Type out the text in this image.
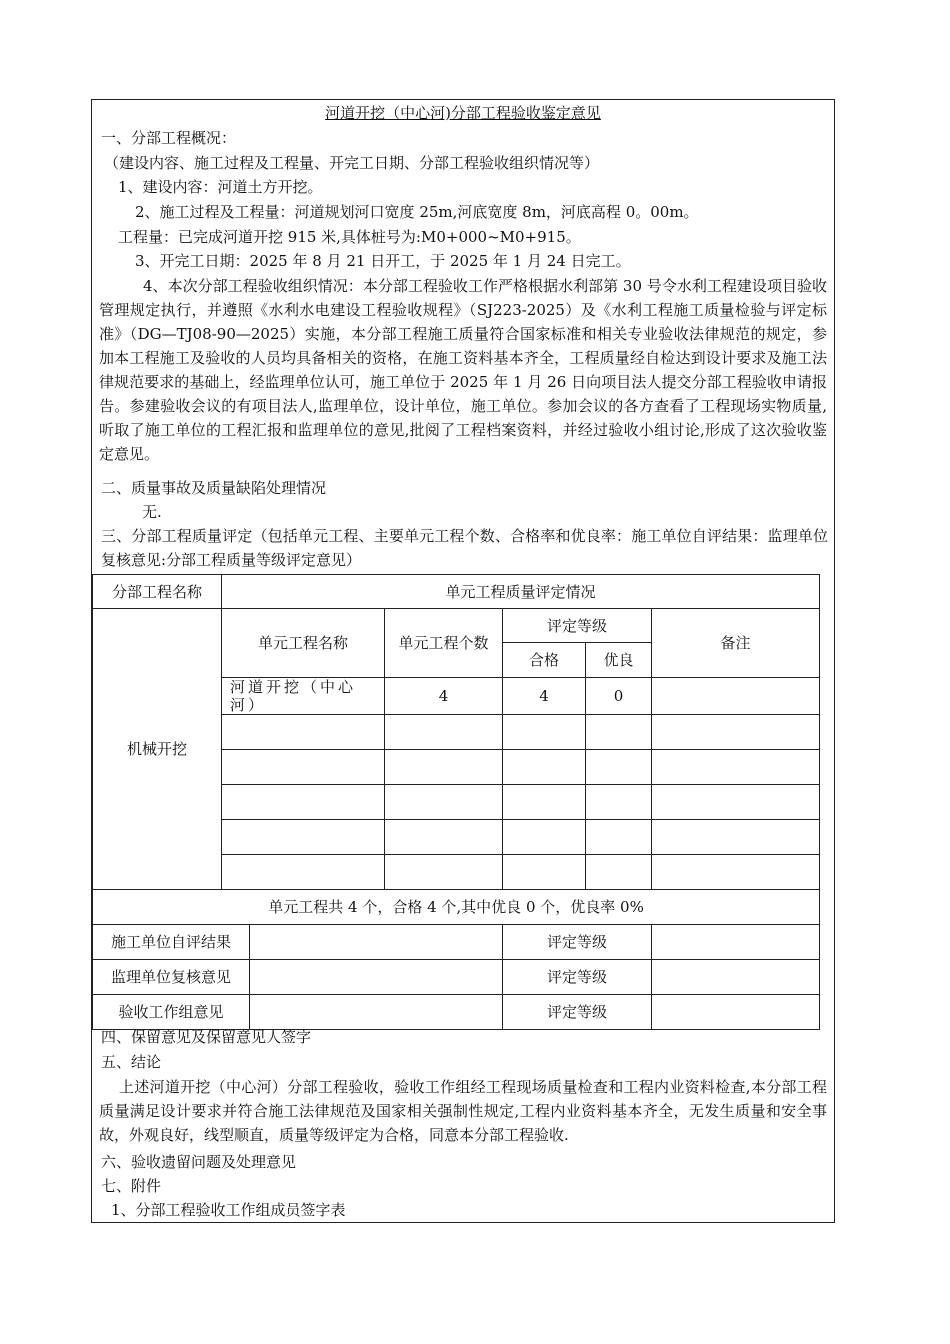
河道开挖（中心河)分部工程验收鉴定意见
一、分部工程概况：
（建设内容、施工过程及工程量、开完工日期、分部工程验收组织情况等）
1、建设内容：河道土方开挖。
2、施工过程及工程量：河道规划河口宽度 25m,河底宽度 8m，河底高程 0。00m。
工程量：已完成河道开挖 915 米,具体桩号为:M0+000~M0+915。
3、开完工日期：2025 年 8 月 21 日开工，于 2025 年 1 月 24 日完工。
4、本次分部工程验收组织情况：本分部工程验收工作严格根据水利部第 30 号令水利工程建设项目验收管理规定执行，并遵照《水利水电建设工程验收规程》（SJ223-2025）及《水利工程施工质量检验与评定标准》（DG—TJ08-90—2025）实施，本分部工程施工质量符合国家标准和相关专业验收法律规范的规定，参加本工程施工及验收的人员均具备相关的资格，在施工资料基本齐全，工程质量经自检达到设计要求及施工法律规范要求的基础上，经监理单位认可，施工单位于 2025 年 1 月 26 日向项目法人提交分部工程验收申请报告。参建验收会议的有项目法人,监理单位，设计单位，施工单位。参加会议的各方查看了工程现场实物质量,听取了施工单位的工程汇报和监理单位的意见,批阅了工程档案资料，并经过验收小组讨论,形成了这次验收鉴定意见。
二、质量事故及质量缺陷处理情况
无.
三、分部工程质量评定（包括单元工程、主要单元工程个数、合格率和优良率：施工单位自评结果：监理单位复核意见:分部工程质量等级评定意见）
分部工程名称	单元工程质量评定情况					
机械开挖	单元工程名称		单元工程个数	评定等级		备注
				合格	优良	
	河道开挖（中心河）		4	4	0	

单元工程共 4 个，合格 4 个,其中优良 0 个，优良率 0%						
施工单位自评结果				评定等级		
监理单位复核意见				评定等级		
验收工作组意见				评定等级		
四、保留意见及保留意见人签字
五、结论
上述河道开挖（中心河）分部工程验收，验收工作组经工程现场质量检查和工程内业资料检查,本分部工程质量满足设计要求并符合施工法律规范及国家相关强制性规定,工程内业资料基本齐全，无发生质量和安全事故，外观良好，线型顺直，质量等级评定为合格，同意本分部工程验收.
六、验收遗留问题及处理意见
七、附件
1、分部工程验收工作组成员签字表
